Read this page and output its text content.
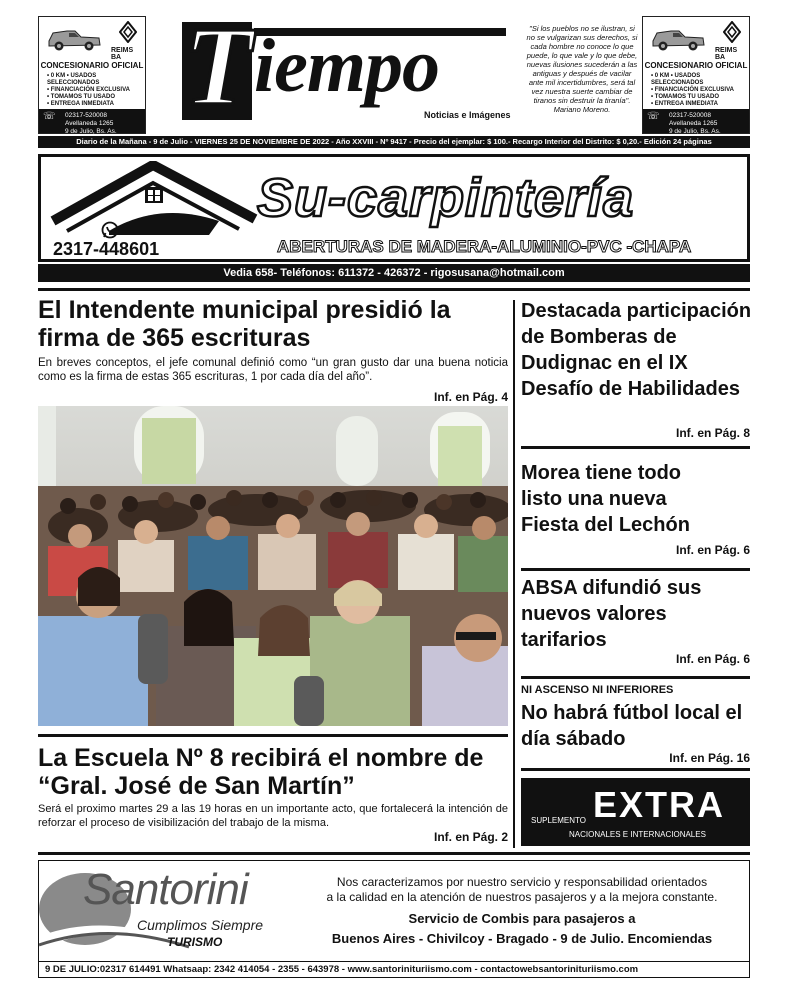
REIMS BA
CONCESIONARIO OFICIAL
• 0 KM • USADOS SELECCIONADOS
• FINANCIACIÓN EXCLUSIVA
• TOMAMOS TU USADO
• ENTREGA INMEDIATA
☏ 02317-520008
Avellaneda 1265
9 de Julio, Bs. As.
REIMS BA
CONCESIONARIO OFICIAL
• 0 KM • USADOS SELECCIONADOS
• FINANCIACIÓN EXCLUSIVA
• TOMAMOS TU USADO
• ENTREGA INMEDIATA
☏ 02317-520008
Avellaneda 1265
9 de Julio, Bs. As.
T iempo
Noticias e Imágenes
"Si los pueblos no se ilustran, si no se vulgarizan sus derechos, si cada hombre no conoce lo que puede, lo que vale y lo que debe, nuevas ilusiones sucederán a las antiguas y después de vacilar ante mil incertidumbres, será tal vez nuestra suerte cambiar de tiranos sin destruir la tiranía". Mariano Moreno.
Diario de la Mañana - 9 de Julio - VIERNES 25 DE NOVIEMBRE DE 2022 - Año XXVIII - Nº 9417 - Precio del ejemplar: $ 100.- Recargo Interior del Distrito: $ 0,20.- Edición 24 páginas
Su-carpintería
ABERTURAS DE MADERA-ALUMINIO-PVC -CHAPA
2317-448601
Vedia 658- Teléfonos: 611372 - 426372 - rigosusana@hotmail.com
El Intendente municipal presidió la firma de 365 escrituras
En breves conceptos, el jefe comunal definió como “un gran gusto dar una buena noticia como es la firma de estas 365 escrituras, 1 por cada día del año”.
Inf. en Pág. 4
La Escuela Nº 8 recibirá el nombre de “Gral. José de San Martín”
Será el proximo martes 29 a las 19 horas en un importante acto, que fortalecerá la intención de reforzar el proceso de visibilización del trabajo de la misma.
Inf. en Pág. 2
Destacada participación de Bomberas de Dudignac en el IX Desafío de Habilidades
Inf. en Pág. 8
Morea tiene todo listo una nueva Fiesta del Lechón
Inf. en Pág. 6
ABSA difundió sus nuevos valores tarifarios
Inf. en Pág. 6
NI ASCENSO NI INFERIORES
No habrá fútbol local el día sábado
Inf. en Pág. 16
SUPLEMENTO EXTRA
NACIONALES E INTERNACIONALES
Santorini
Cumplimos Siempre
TURISMO
Nos caracterizamos por nuestro servicio y responsabilidad orientados
a la calidad en la atención de nuestros pasajeros y a la mejora constante.
Servicio de Combis para pasajeros a
Buenos Aires - Chivilcoy - Bragado - 9 de Julio. Encomiendas
9 DE JULIO:02317 614491 Whatsaap: 2342 414054 - 2355 - 643978 - www.santorinituriismo.com - contactowebsantorinituriismo.com
